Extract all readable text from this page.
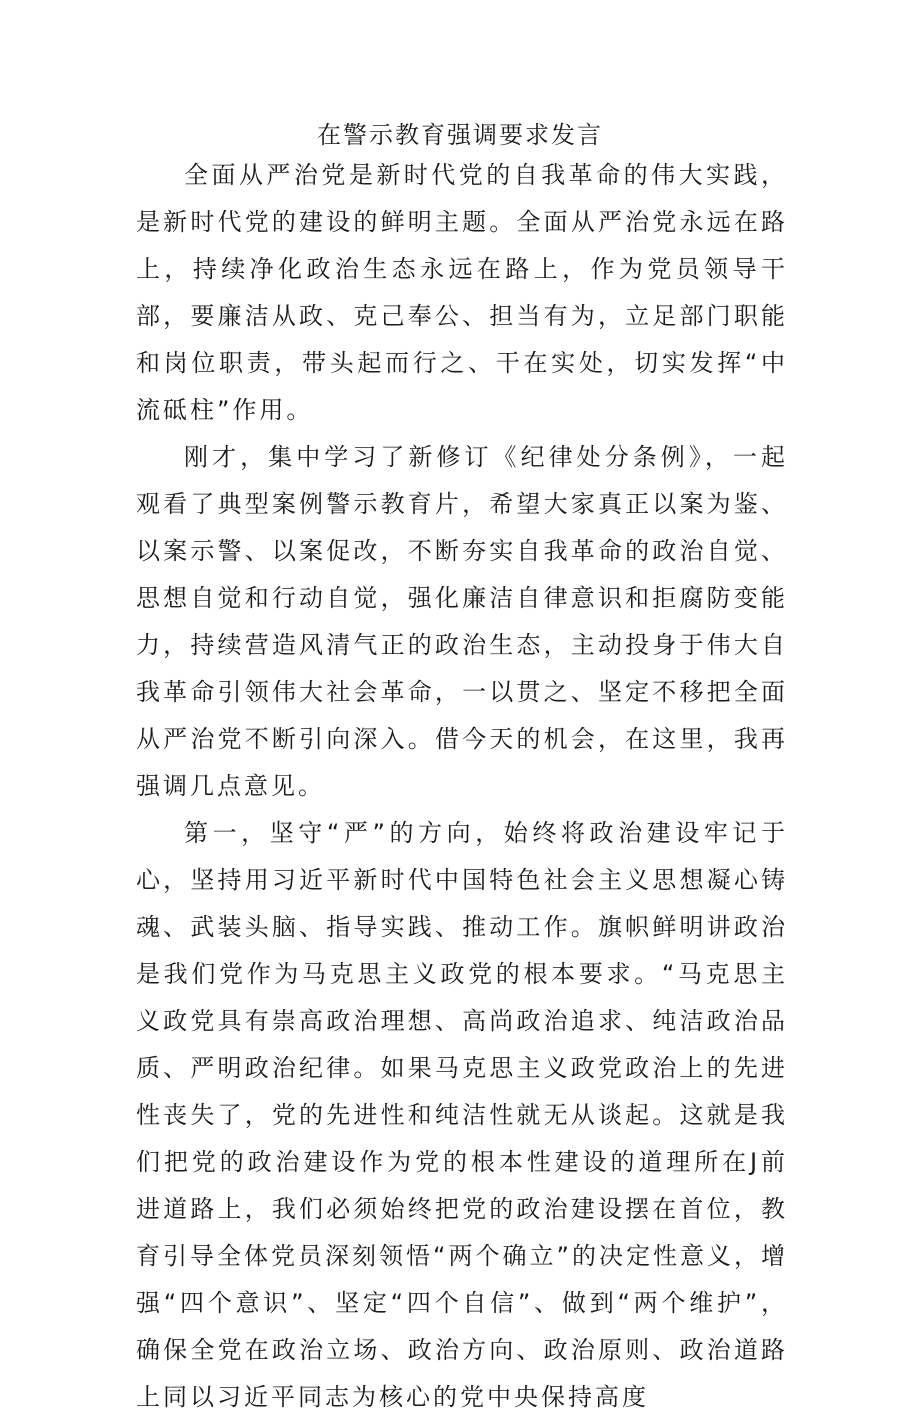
在警示教育强调要求发言

全面从严治党是新时代党的自我革命的伟大实践，是新时代党的建设的鲜明主题。全面从严治党永远在路上，持续净化政治生态永远在路上，作为党员领导干部，要廉洁从政、克己奉公、担当有为，立足部门职能和岗位职责，带头起而行之、干在实处，切实发挥“中流砥柱”作用。

刚才，集中学习了新修订《纪律处分条例》，一起观看了典型案例警示教育片，希望大家真正以案为鉴、以案示警、以案促改，不断夯实自我革命的政治自觉、思想自觉和行动自觉，强化廉洁自律意识和拒腐防变能力，持续营造风清气正的政治生态，主动投身于伟大自我革命引领伟大社会革命，一以贯之、坚定不移把全面从严治党不断引向深入。借今天的机会，在这里，我再强调几点意见。

第一，坚守“严”的方向，始终将政治建设牢记于心，坚持用习近平新时代中国特色社会主义思想凝心铸魂、武装头脑、指导实践、推动工作。旗帜鲜明讲政治是我们党作为马克思主义政党的根本要求。“马克思主义政党具有崇高政治理想、高尚政治追求、纯洁政治品质、严明政治纪律。如果马克思主义政党政治上的先进性丧失了，党的先进性和纯洁性就无从谈起。这就是我们把党的政治建设作为党的根本性建设的道理所在J前进道路上，我们必须始终把党的政治建设摆在首位，教育引导全体党员深刻领悟“两个确立”的决定性意义，增强“四个意识”、坚定“四个自信”、做到“两个维护”，确保全党在政治立场、政治方向、政治原则、政治道路上同以习近平同志为核心的党中央保持高度
